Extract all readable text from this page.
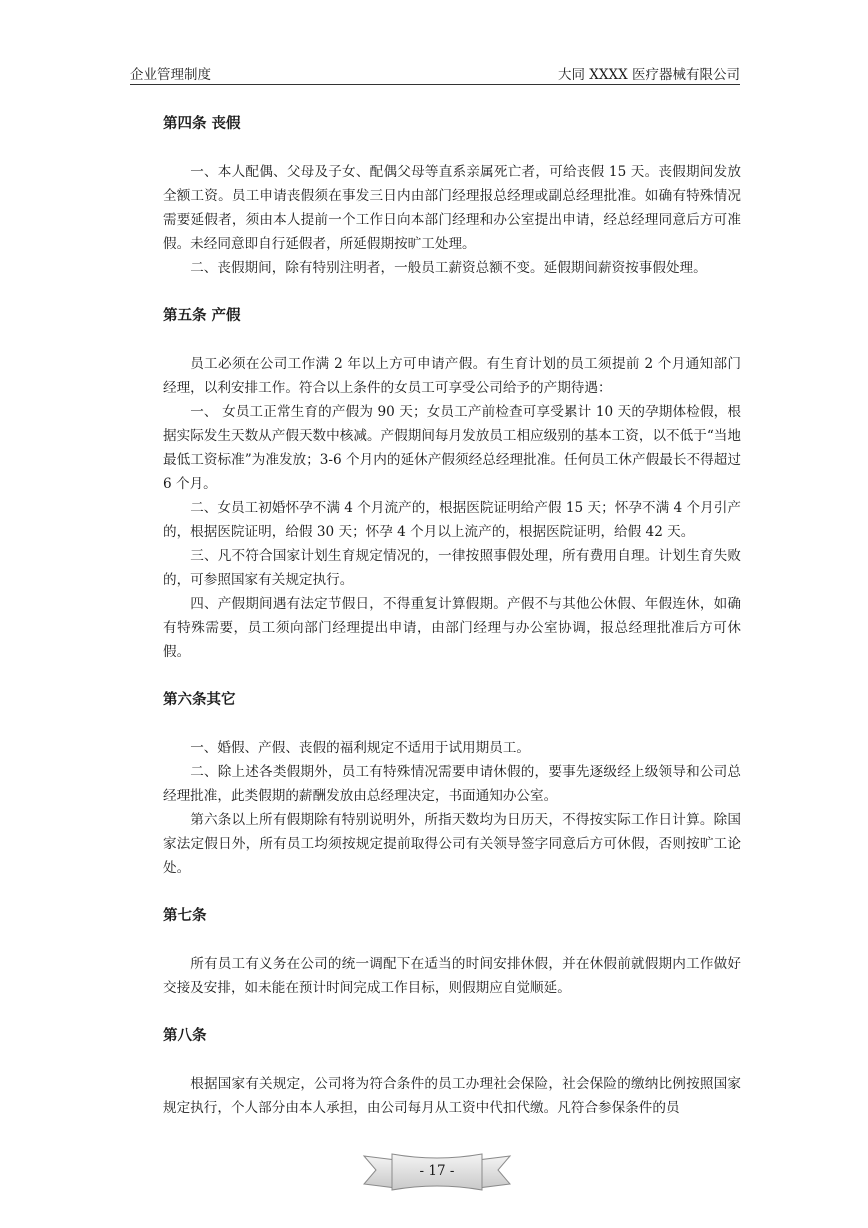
企业管理制度	大同 XXXX 医疗器械有限公司
第四条 丧假

一、本人配偶、父母及子女、配偶父母等直系亲属死亡者，可给丧假 15 天。丧假期间发放全额工资。员工申请丧假须在事发三日内由部门经理报总经理或副总经理批准。如确有特殊情况需要延假者，须由本人提前一个工作日向本部门经理和办公室提出申请，经总经理同意后方可准假。未经同意即自行延假者，所延假期按旷工处理。

二、丧假期间，除有特别注明者，一般员工薪资总额不变。延假期间薪资按事假处理。

第五条 产假

员工必须在公司工作满 2 年以上方可申请产假。有生育计划的员工须提前 2 个月通知部门经理，以利安排工作。符合以上条件的女员工可享受公司给予的产期待遇：

一、 女员工正常生育的产假为 90 天；女员工产前检查可享受累计 10 天的孕期体检假，根据实际发生天数从产假天数中核减。产假期间每月发放员工相应级别的基本工资，以不低于“当地最低工资标准”为准发放；3-6 个月内的延休产假须经总经理批准。任何员工休产假最长不得超过 6 个月。

二、女员工初婚怀孕不满 4 个月流产的，根据医院证明给产假 15 天；怀孕不满 4 个月引产的，根据医院证明，给假 30 天；怀孕 4 个月以上流产的，根据医院证明，给假 42 天。

三、凡不符合国家计划生育规定情况的，一律按照事假处理，所有费用自理。计划生育失败的，可参照国家有关规定执行。

四、产假期间遇有法定节假日，不得重复计算假期。产假不与其他公休假、年假连休，如确有特殊需要，员工须向部门经理提出申请，由部门经理与办公室协调，报总经理批准后方可休假。

第六条其它

一、婚假、产假、丧假的福利规定不适用于试用期员工。

二、除上述各类假期外，员工有特殊情况需要申请休假的，要事先逐级经上级领导和公司总经理批准，此类假期的薪酬发放由总经理决定，书面通知办公室。

第六条以上所有假期除有特别说明外，所指天数均为日历天，不得按实际工作日计算。除国家法定假日外，所有员工均须按规定提前取得公司有关领导签字同意后方可休假，否则按旷工论处。

第七条

所有员工有义务在公司的统一调配下在适当的时间安排休假，并在休假前就假期内工作做好交接及安排，如未能在预计时间完成工作目标，则假期应自觉顺延。

第八条

根据国家有关规定，公司将为符合条件的员工办理社会保险，社会保险的缴纳比例按照国家规定执行，个人部分由本人承担，由公司每月从工资中代扣代缴。凡符合参保条件的员

- 17 -
